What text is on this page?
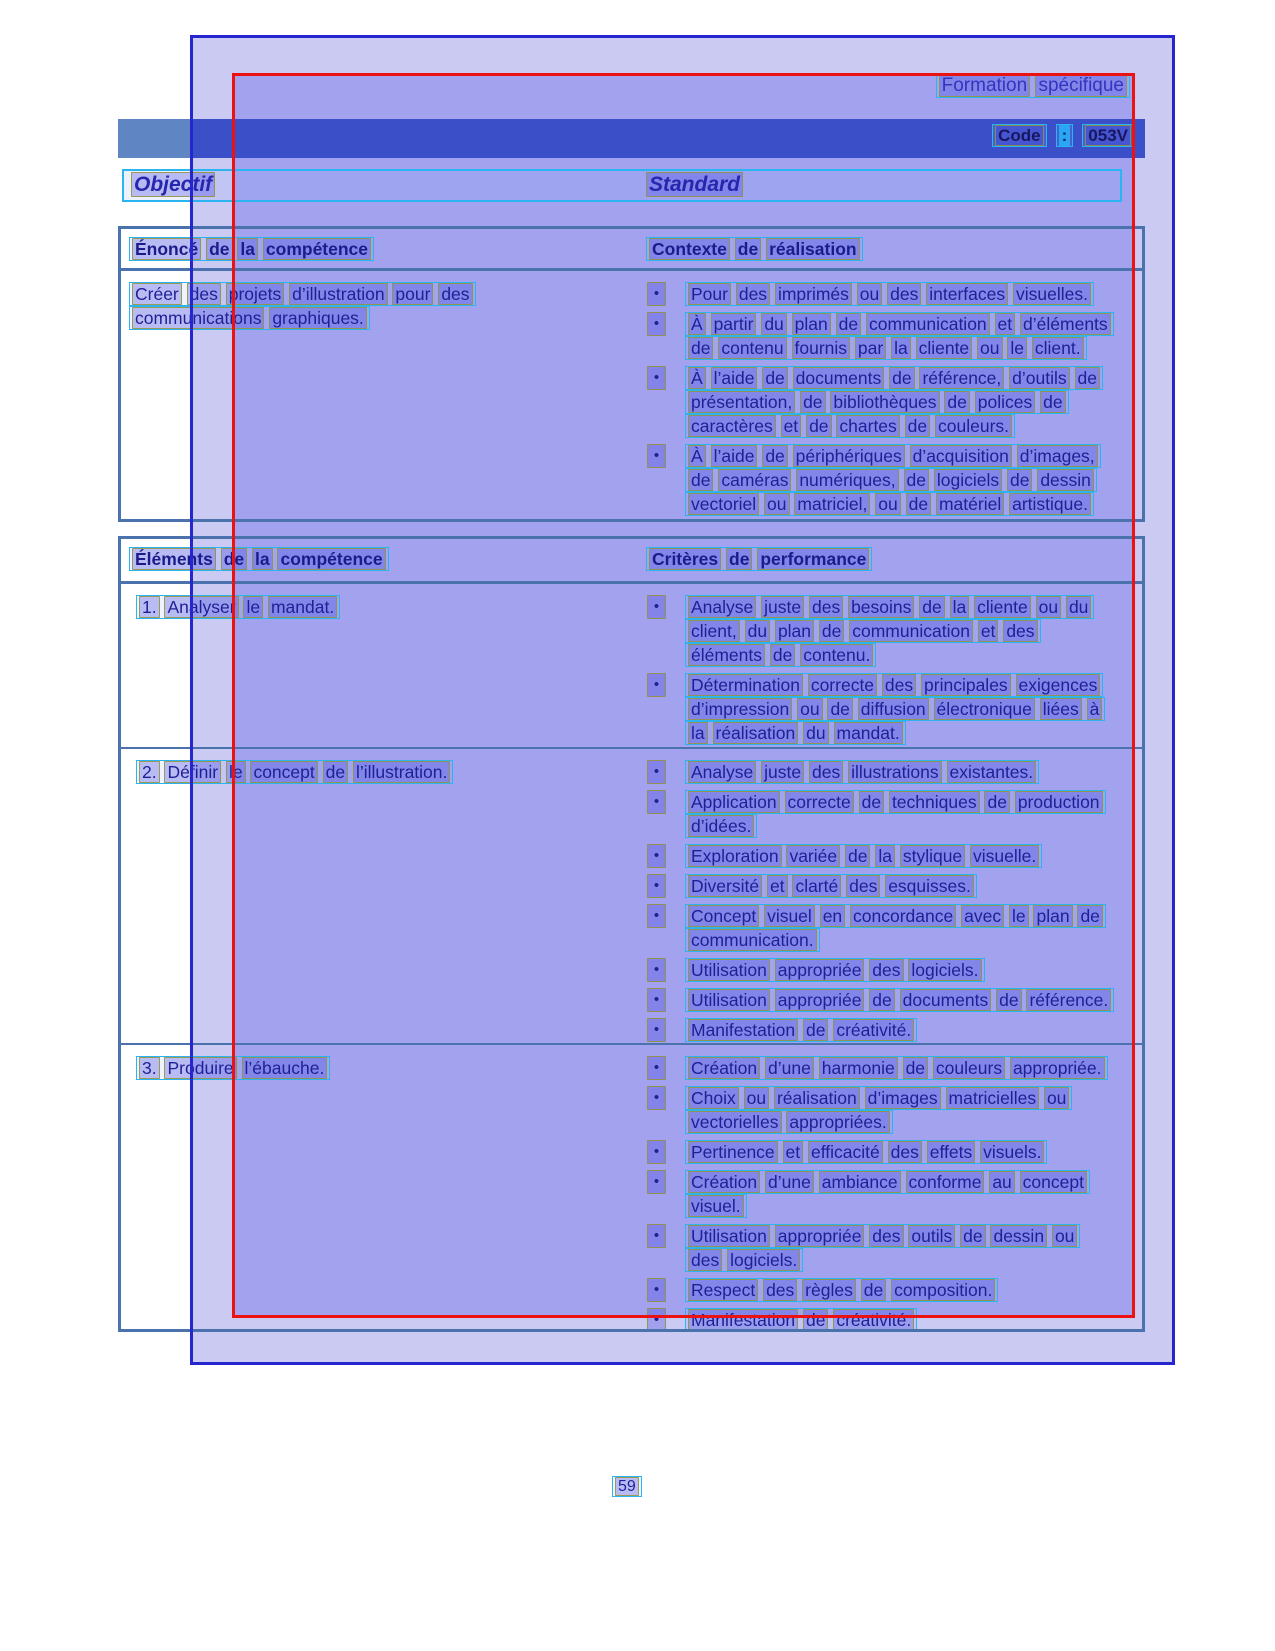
Formation spécifique
Code	:	053V
Objectif	Standard
Énoncé de la compétence	Contexte de réalisation
Créer des projets d’illustration pour des communications graphiques.
•	Pour des imprimés ou des interfaces visuelles.
•	À partir du plan de communication et d’éléments de contenu fournis par la cliente ou le client.
•	À l’aide de documents de référence, d’outils de présentation, de bibliothèques de polices de caractères et de chartes de couleurs.
•	À l’aide de périphériques d’acquisition d’images, de caméras numériques, de logiciels de dessin vectoriel ou matriciel, ou de matériel artistique.
Éléments de la compétence	Critères de performance
1. Analyser le mandat.	•	Analyse juste des besoins de la cliente ou du client, du plan de communication et des éléments de contenu.
•	Détermination correcte des principales exigences d’impression ou de diffusion électronique liées à la réalisation du mandat.
2. Définir le concept de l’illustration.	•	Analyse juste des illustrations existantes.
•	Application correcte de techniques de production d’idées.
•	Exploration variée de la stylique visuelle.
•	Diversité et clarté des esquisses.
•	Concept visuel en concordance avec le plan de communication.
•	Utilisation appropriée des logiciels.
•	Utilisation appropriée de documents de référence.
•	Manifestation de créativité.
3. Produire l’ébauche.	•	Création d’une harmonie de couleurs appropriée.
•	Choix ou réalisation d’images matricielles ou vectorielles appropriées.
•	Pertinence et efficacité des effets visuels.
•	Création d’une ambiance conforme au concept visuel.
•	Utilisation appropriée des outils de dessin ou des logiciels.
•	Respect des règles de composition.
•	Manifestation de créativité.
59
